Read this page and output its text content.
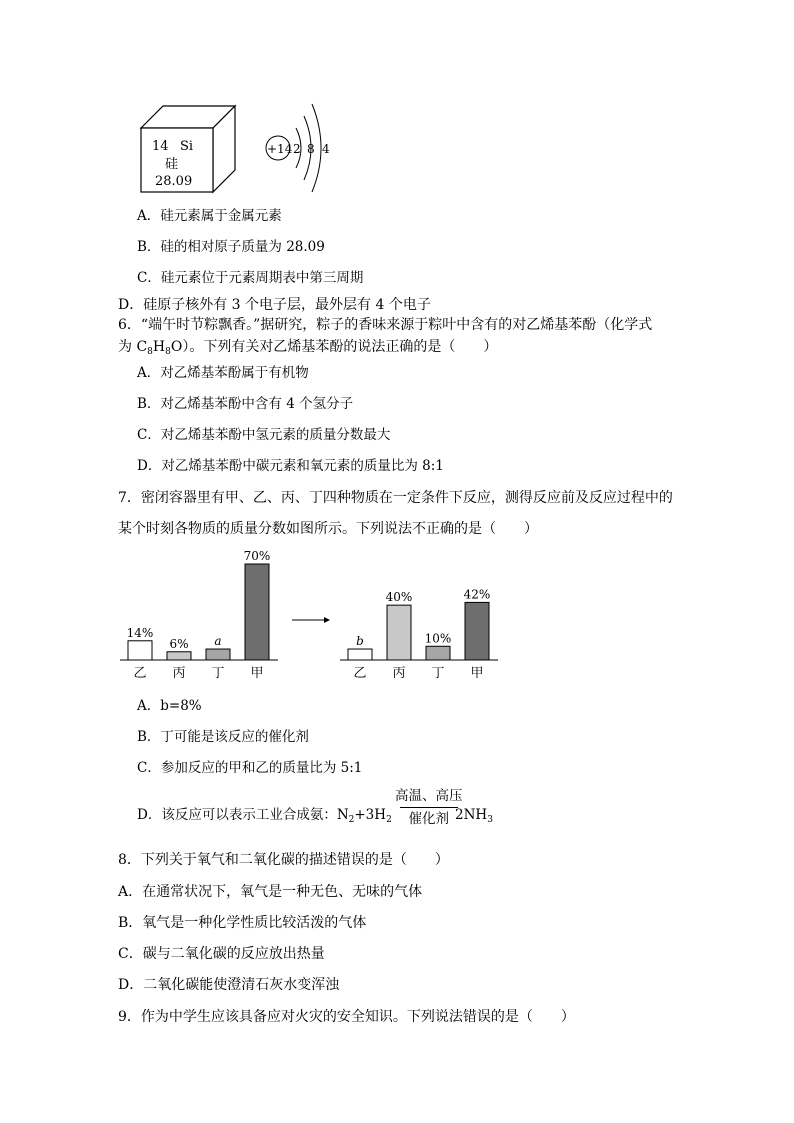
14 Si
硅
28.09
+14 2 8 4
A．硅元素属于金属元素
B．硅的相对原子质量为 28.09
C．硅元素位于元素周期表中第三周期
D．硅原子核外有 3 个电子层，最外层有 4 个电子
6．“端午时节粽飘香。”据研究，粽子的香味来源于粽叶中含有的对乙烯基苯酚（化学式
为 $C_8H_8O$）。下列有关对乙烯基苯酚的说法正确的是（　　）
A．对乙烯基苯酚属于有机物
B．对乙烯基苯酚中含有 4 个氢分子
C．对乙烯基苯酚中氢元素的质量分数最大
D．对乙烯基苯酚中碳元素和氧元素的质量比为 8:1
7．密闭容器里有甲、乙、丙、丁四种物质在一定条件下反应，测得反应前及反应过程中的
某个时刻各物质的质量分数如图所示。下列说法不正确的是（　　）
14%
乙
6%
丙
a
丁
70%
甲
b
乙
40%
丙
10%
丁
42%
甲
A．b=8%
B．丁可能是该反应的催化剂
C．参加反应的甲和乙的质量比为 5:1
D．该反应可以表示工业合成氨：$N_2+3H_2$
高温、高压
催化剂 $2NH_3$
8．下列关于氧气和二氧化碳的描述错误的是（　　）
A．在通常状况下，氧气是一种无色、无味的气体
B．氧气是一种化学性质比较活泼的气体
C．碳与二氧化碳的反应放出热量
D．二氧化碳能使澄清石灰水变浑浊
9．作为中学生应该具备应对火灾的安全知识。下列说法错误的是（　　）
